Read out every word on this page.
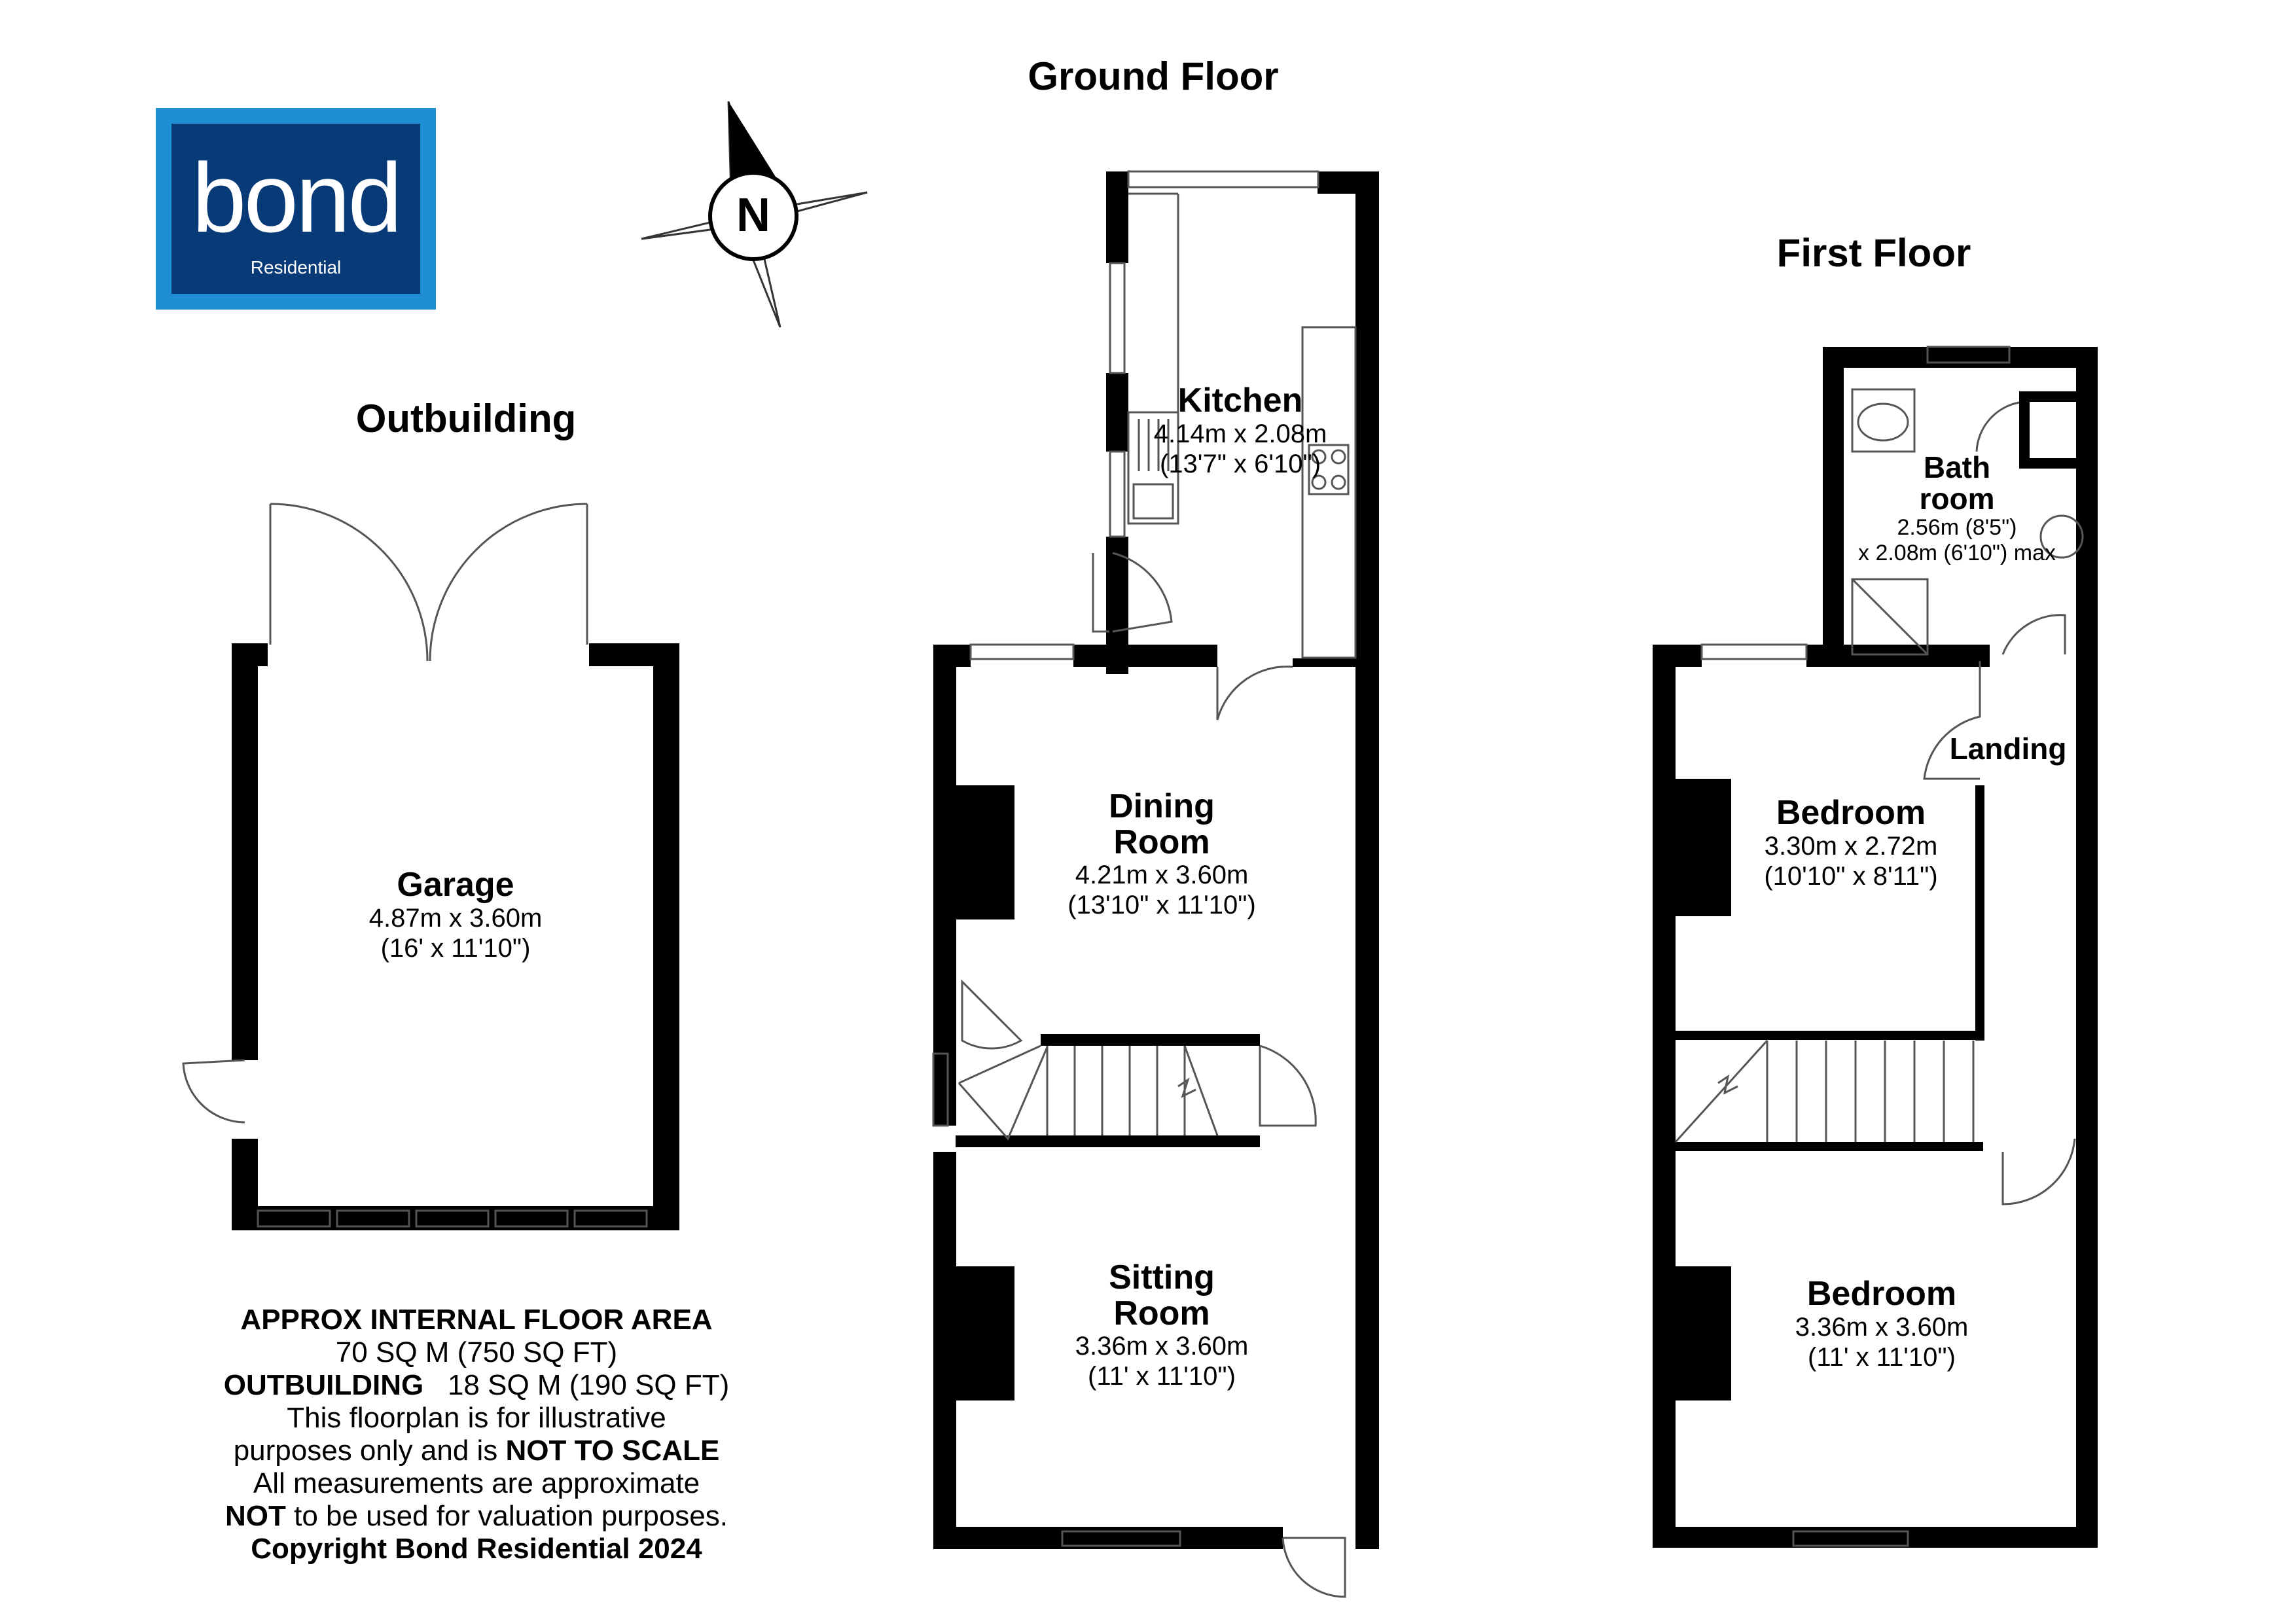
bond
Residential
N
Ground Floor
First Floor
Outbuilding
Garage
4.87m x 3.60m
(16' x 11'10")
Kitchen
4.14m x 2.08m
(13'7" x 6'10")
Dining
Room
4.21m x 3.60m
(13'10" x 11'10")
Sitting
Room
3.36m x 3.60m
(11' x 11'10")
Bath
room
2.56m (8'5")
x 2.08m (6'10") max
Landing
Bedroom
3.30m x 2.72m
(10'10" x 8'11")
Bedroom
3.36m x 3.60m
(11' x 11'10")
APPROX INTERNAL FLOOR AREA
70 SQ M (750 SQ FT)
OUTBUILDING 18 SQ M (190 SQ FT)
This floorplan is for illustrative
purposes only and is NOT TO SCALE
All measurements are approximate
NOT to be used for valuation purposes.
Copyright Bond Residential 2024
